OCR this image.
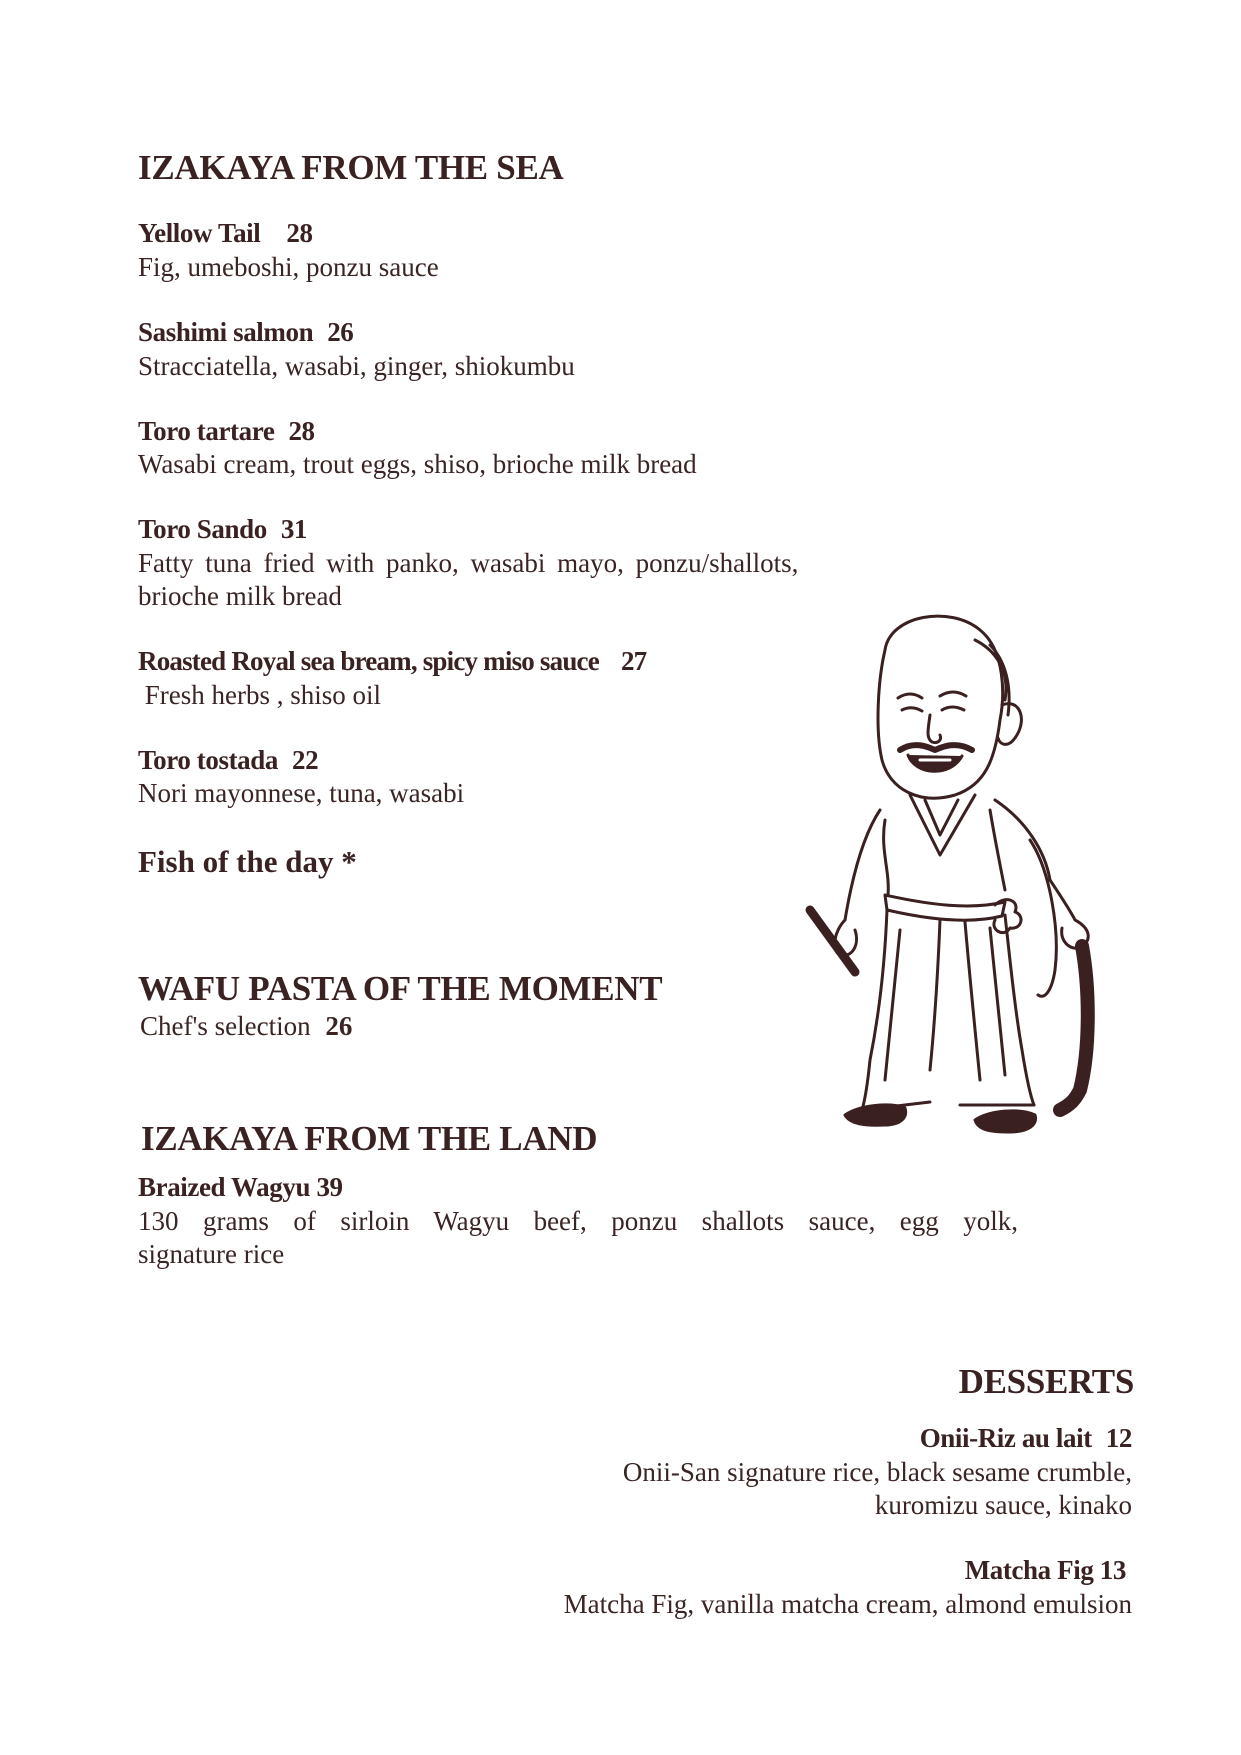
IZAKAYA FROM THE SEA
Yellow Tail 28
Fig, umeboshi, ponzu sauce
Sashimi salmon 26
Stracciatella, wasabi, ginger, shiokumbu
Toro tartare 28
Wasabi cream, trout eggs, shiso, brioche milk bread
Toro Sando 31
Fatty tuna fried with panko, wasabi mayo, ponzu/shallots,
brioche milk bread
Roasted Royal sea bream, spicy miso sauce 27
Fresh herbs , shiso oil
Toro tostada 22
Nori mayonnese, tuna, wasabi
Fish of the day *
WAFU PASTA OF THE MOMENT
Chef's selection 26
IZAKAYA FROM THE LAND
Braized Wagyu 39
130 grams of sirloin Wagyu beef, ponzu shallots sauce, egg yolk,
signature rice
DESSERTS
Onii-Riz au lait 12
Onii-San signature rice, black sesame crumble,
kuromizu sauce, kinako
Matcha Fig 13
Matcha Fig, vanilla matcha cream, almond emulsion
